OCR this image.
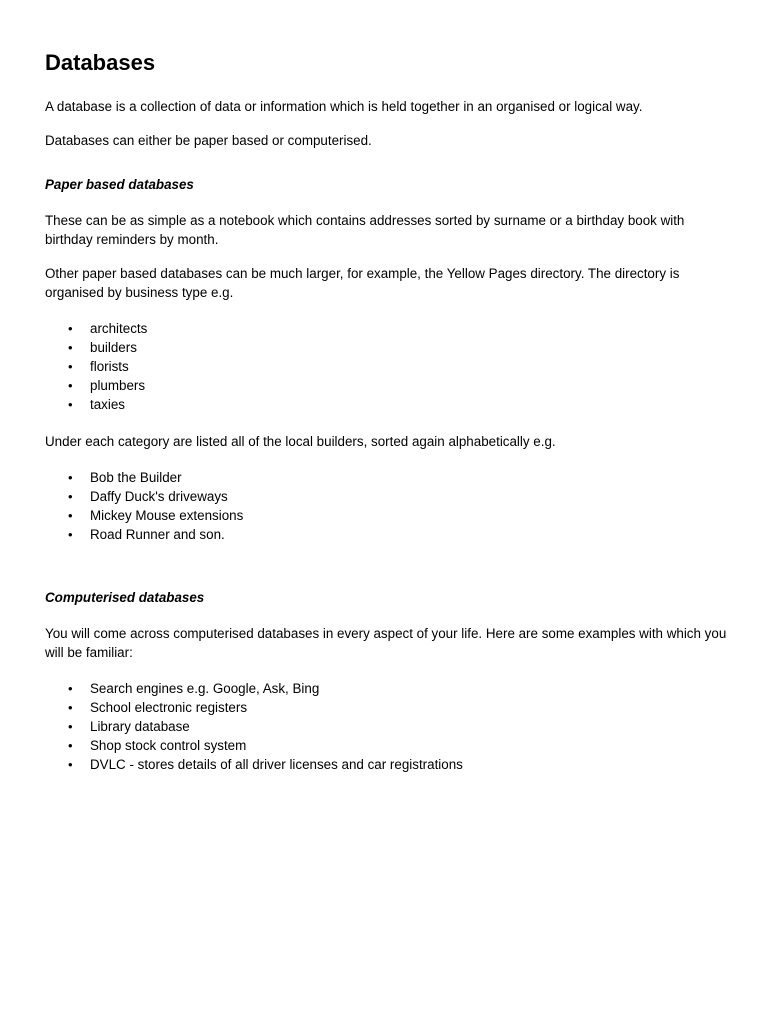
Databases

A database is a collection of data or information which is held together in an organised or logical way.

Databases can either be paper based or computerised.

Paper based databases

These can be as simple as a notebook which contains addresses sorted by surname or a birthday book with birthday reminders by month.

Other paper based databases can be much larger, for example, the Yellow Pages directory. The directory is organised by business type e.g.

• architects
• builders
• florists
• plumbers
• taxies

Under each category are listed all of the local builders, sorted again alphabetically e.g.

• Bob the Builder
• Daffy Duck's driveways
• Mickey Mouse extensions
• Road Runner and son.

Computerised databases

You will come across computerised databases in every aspect of your life. Here are some examples with which you will be familiar:

• Search engines e.g. Google, Ask, Bing
• School electronic registers
• Library database
• Shop stock control system
• DVLC - stores details of all driver licenses and car registrations
